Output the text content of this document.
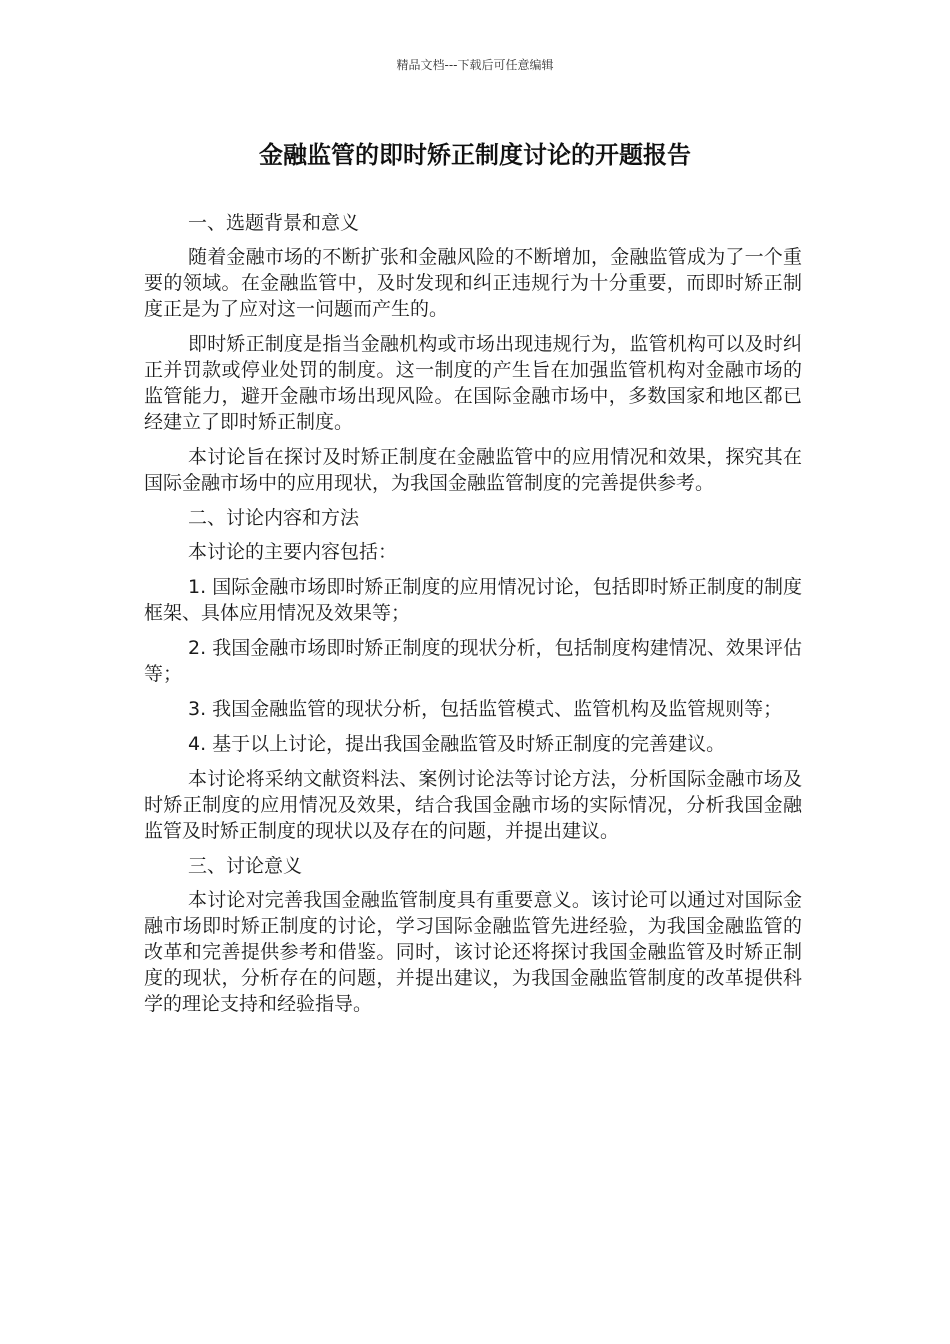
精品文档---下载后可任意编辑
金融监管的即时矫正制度讨论的开题报告

一、选题背景和意义

随着金融市场的不断扩张和金融风险的不断增加，金融监管成为了一个重要的领域。在金融监管中，及时发现和纠正违规行为十分重要，而即时矫正制度正是为了应对这一问题而产生的。

即时矫正制度是指当金融机构或市场出现违规行为，监管机构可以及时纠正并罚款或停业处罚的制度。这一制度的产生旨在加强监管机构对金融市场的监管能力，避开金融市场出现风险。在国际金融市场中，多数国家和地区都已经建立了即时矫正制度。

本讨论旨在探讨及时矫正制度在金融监管中的应用情况和效果，探究其在国际金融市场中的应用现状，为我国金融监管制度的完善提供参考。

二、讨论内容和方法

本讨论的主要内容包括：

1. 国际金融市场即时矫正制度的应用情况讨论，包括即时矫正制度的制度框架、具体应用情况及效果等；

2. 我国金融市场即时矫正制度的现状分析，包括制度构建情况、效果评估等；

3. 我国金融监管的现状分析，包括监管模式、监管机构及监管规则等；

4. 基于以上讨论，提出我国金融监管及时矫正制度的完善建议。

本讨论将采纳文献资料法、案例讨论法等讨论方法，分析国际金融市场及时矫正制度的应用情况及效果，结合我国金融市场的实际情况，分析我国金融监管及时矫正制度的现状以及存在的问题，并提出建议。

三、讨论意义

本讨论对完善我国金融监管制度具有重要意义。该讨论可以通过对国际金融市场即时矫正制度的讨论，学习国际金融监管先进经验，为我国金融监管的改革和完善提供参考和借鉴。同时，该讨论还将探讨我国金融监管及时矫正制度的现状，分析存在的问题，并提出建议，为我国金融监管制度的改革提供科学的理论支持和经验指导。
